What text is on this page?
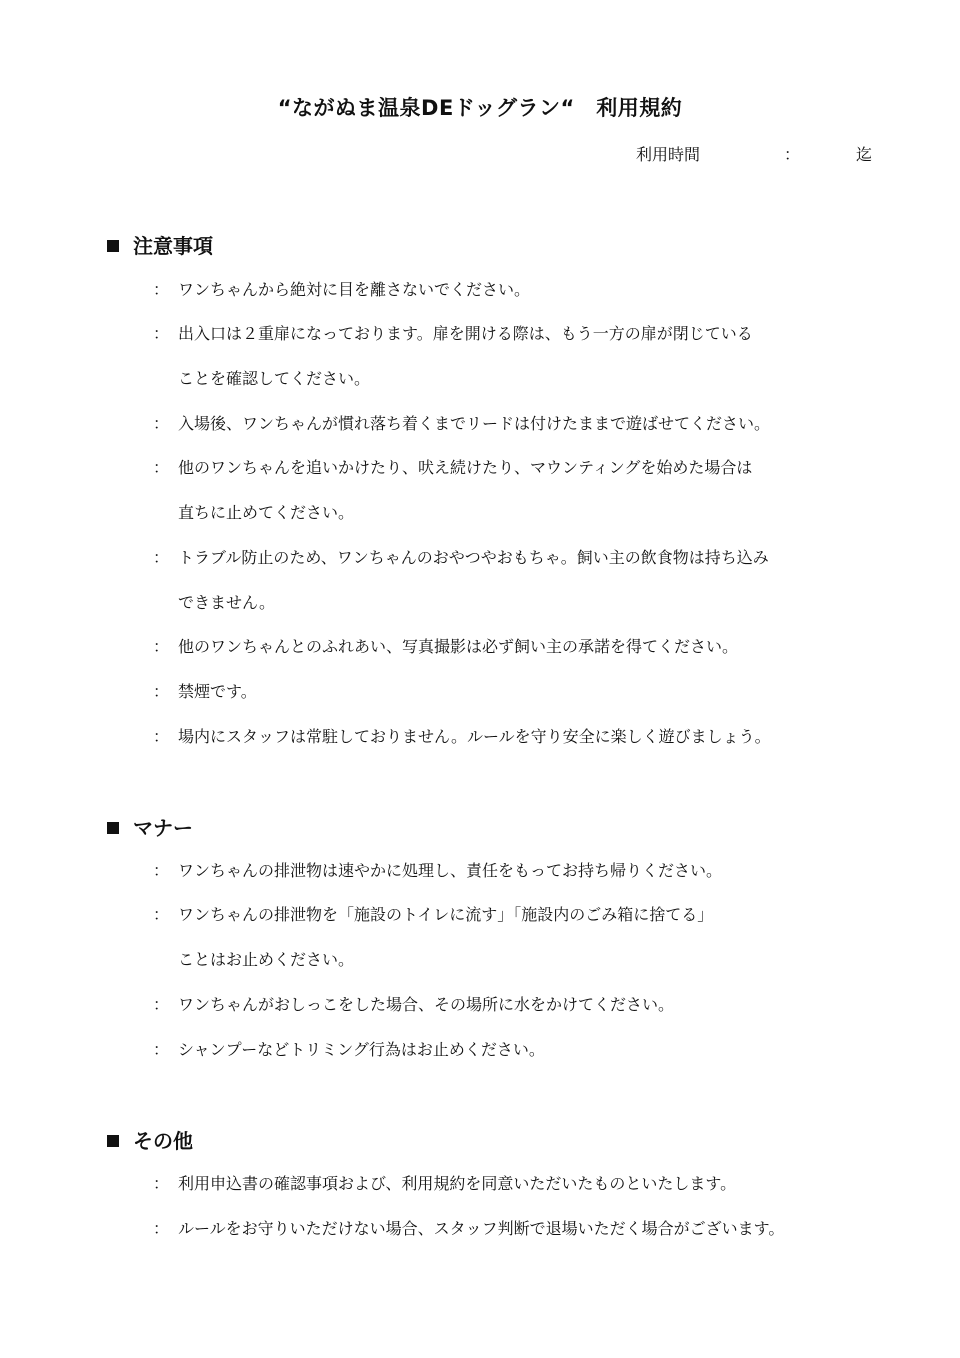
“ながぬま温泉DEドッグラン“　利用規約
利用時間	：	迄
注意事項
： ワンちゃんから絶対に目を離さないでください。
： 出入口は２重扉になっております。扉を開ける際は、もう一方の扉が閉じている
ことを確認してください。
： 入場後、ワンちゃんが慣れ落ち着くまでリードは付けたままで遊ばせてください。
： 他のワンちゃんを追いかけたり、吠え続けたり、マウンティングを始めた場合は
直ちに止めてください。
： トラブル防止のため、ワンちゃんのおやつやおもちゃ。飼い主の飲食物は持ち込み
できません。
： 他のワンちゃんとのふれあい、写真撮影は必ず飼い主の承諾を得てください。
： 禁煙です。
： 場内にスタッフは常駐しておりません。ルールを守り安全に楽しく遊びましょう。
マナー
： ワンちゃんの排泄物は速やかに処理し、責任をもってお持ち帰りください。
： ワンちゃんの排泄物を「施設のトイレに流す」「施設内のごみ箱に捨てる」
ことはお止めください。
： ワンちゃんがおしっこをした場合、その場所に水をかけてください。
： シャンプーなどトリミング行為はお止めください。
その他
： 利用申込書の確認事項および、利用規約を同意いただいたものといたします。
： ルールをお守りいただけない場合、スタッフ判断で退場いただく場合がございます。
